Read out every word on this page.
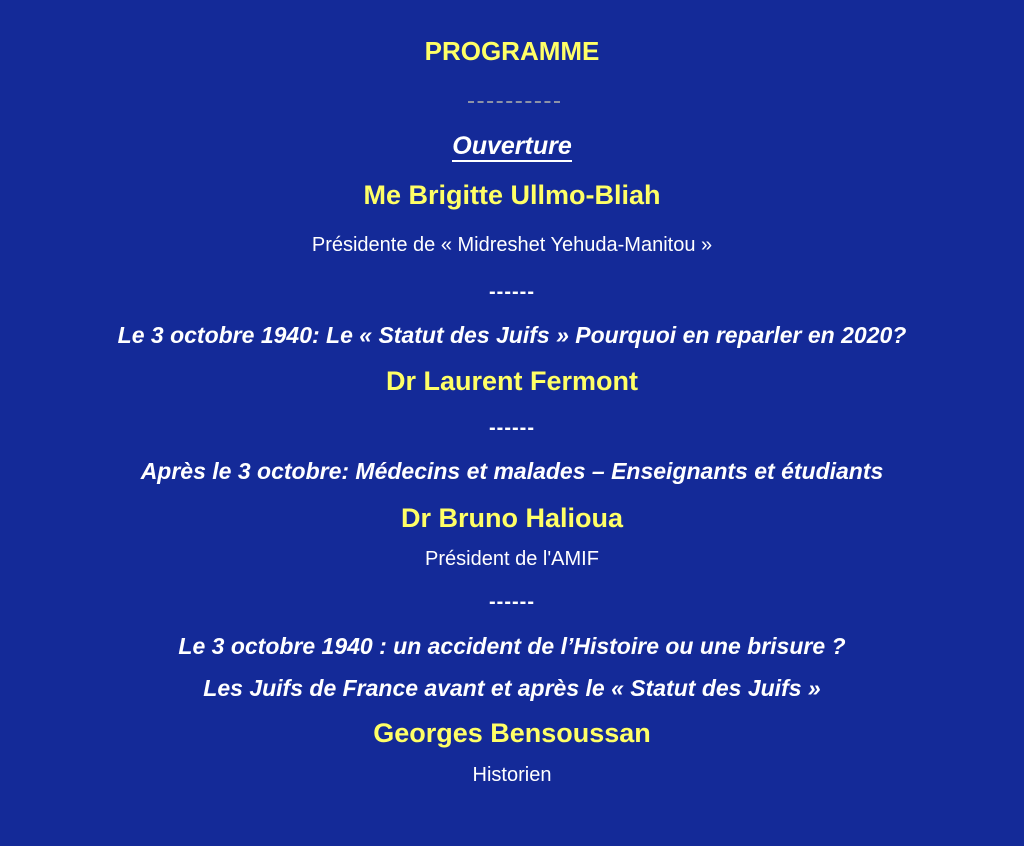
PROGRAMME
Ouverture
Me Brigitte Ullmo-Bliah
Présidente de « Midreshet Yehuda-Manitou »
------
Le 3 octobre 1940: Le « Statut des Juifs » Pourquoi en reparler en 2020?
Dr Laurent Fermont
------
Après le 3 octobre: Médecins et malades – Enseignants et étudiants
Dr Bruno Halioua
Président de l'AMIF
------
Le 3 octobre 1940 : un accident de l’Histoire ou une brisure ?
Les Juifs de France avant et après le « Statut des Juifs »
Georges Bensoussan
Historien
